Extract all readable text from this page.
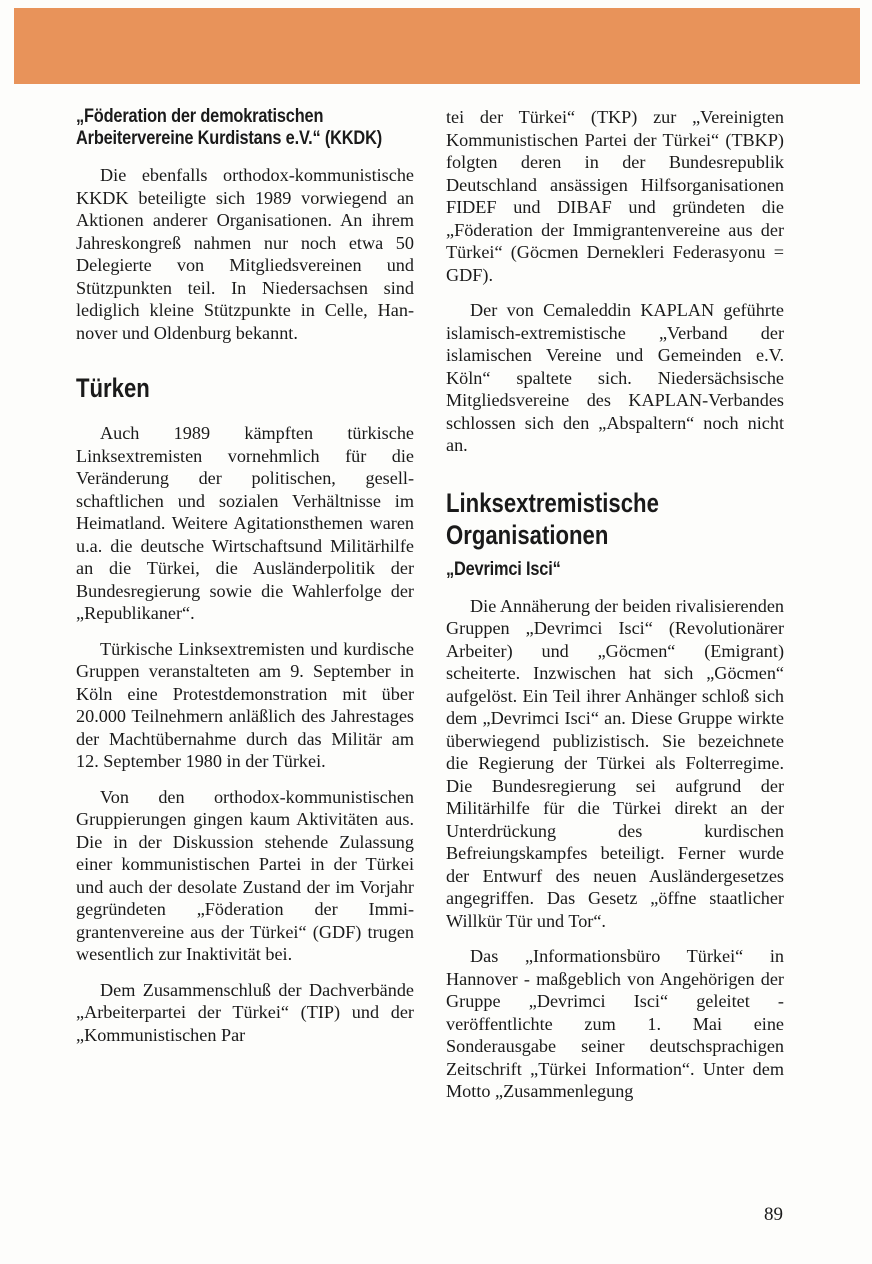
„Föderation der demokratischen Arbeitervereine Kurdistans e.V.“ (KKDK)

Die ebenfalls orthodox-kommunistische KKDK beteiligte sich 1989 vorwiegend an Aktionen anderer Organisationen. An ihrem Jahreskongreß nahmen nur noch etwa 50 Delegierte von Mitgliedsvereinen und Stützpunkten teil. In Niedersachsen sind lediglich kleine Stützpunkte in Celle, Hannover und Oldenburg bekannt.

Türken

Auch 1989 kämpften türkische Linksextremisten vornehmlich für die Veränderung der politischen, gesellschaftlichen und sozialen Verhältnisse im Heimatland. Weitere Agitationsthemen waren u.a. die deutsche Wirtschaftsund Militärhilfe an die Türkei, die Ausländerpolitik der Bundesregierung sowie die Wahlerfolge der „Republikaner“.

Türkische Linksextremisten und kurdische Gruppen veranstalteten am 9. September in Köln eine Protestdemonstration mit über 20.000 Teilnehmern anläßlich des Jahrestages der Machtübernahme durch das Militär am 12. September 1980 in der Türkei.

Von den orthodox-kommunistischen Gruppierungen gingen kaum Aktivitäten aus. Die in der Diskussion stehende Zulassung einer kommunistischen Partei in der Türkei und auch der desolate Zustand der im Vorjahr gegründeten „Föderation der Immigrantenvereine aus der Türkei“ (GDF) trugen wesentlich zur Inaktivität bei.

Dem Zusammenschluß der Dachverbände „Arbeiterpartei der Türkei“ (TIP) und der „Kommunistischen Par

tei der Türkei“ (TKP) zur „Vereinigten Kommunistischen Partei der Türkei“ (TBKP) folgten deren in der Bundesrepublik Deutschland ansässigen Hilfsorganisationen FIDEF und DIBAF und gründeten die „Föderation der Immigrantenvereine aus der Türkei“ (Göcmen Dernekleri Federasyonu = GDF).

Der von Cemaleddin KAPLAN geführte islamisch-extremistische „Verband der islamischen Vereine und Gemeinden e.V. Köln“ spaltete sich. Niedersächsische Mitgliedsvereine des KAPLAN-Verbandes schlossen sich den „Abspaltern“ noch nicht an.

Linksextremistische Organisationen
„Devrimci Isci“

Die Annäherung der beiden rivalisierenden Gruppen „Devrimci Isci“ (Revolutionärer Arbeiter) und „Göcmen“ (Emigrant) scheiterte. Inzwischen hat sich „Göcmen“ aufgelöst. Ein Teil ihrer Anhänger schloß sich dem „Devrimci Isci“ an. Diese Gruppe wirkte überwiegend publizistisch. Sie bezeichnete die Regierung der Türkei als Folterregime. Die Bundesregierung sei aufgrund der Militärhilfe für die Türkei direkt an der Unterdrückung des kurdischen Befreiungskampfes beteiligt. Ferner wurde der Entwurf des neuen Ausländergesetzes angegriffen. Das Gesetz „öffne staatlicher Willkür Tür und Tor“.

Das „Informationsbüro Türkei“ in Hannover - maßgeblich von Angehörigen der Gruppe „Devrimci Isci“ geleitet - veröffentlichte zum 1. Mai eine Sonderausgabe seiner deutschsprachigen Zeitschrift „Türkei Information“. Unter dem Motto „Zusammenlegung

89
